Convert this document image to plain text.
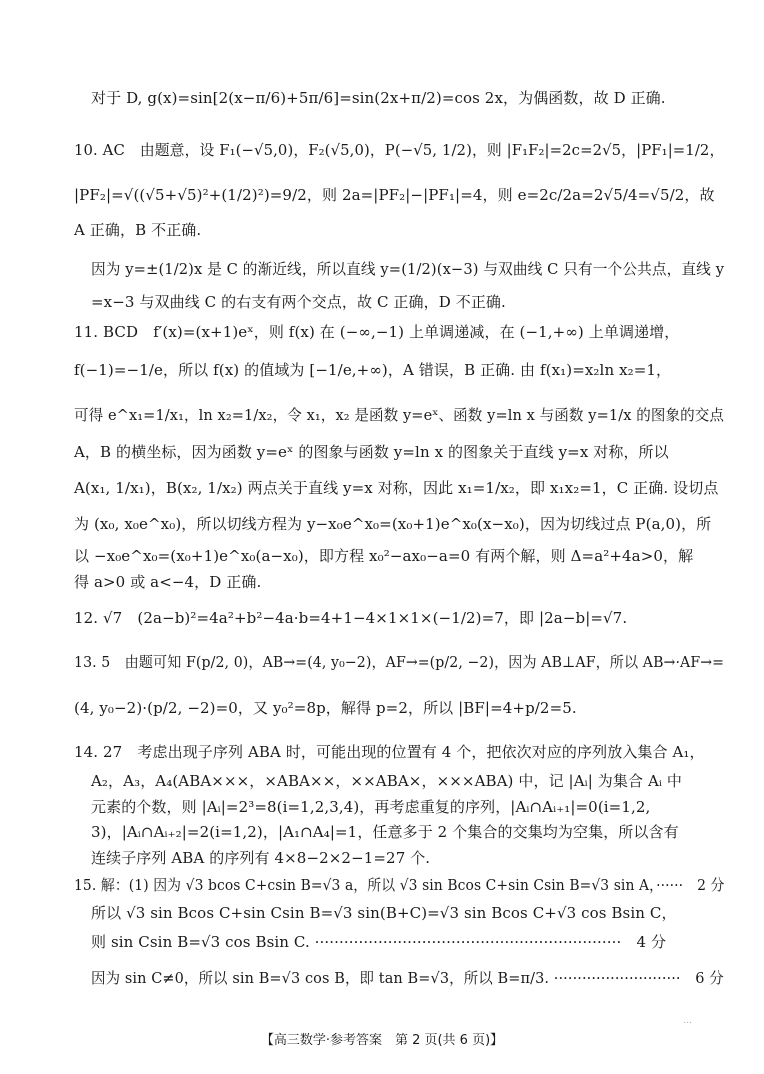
对于 D, g(x)=sin[2(x−π/6)+5π/6]=sin(2x+π/2)=cos 2x，为偶函数，故 D 正确.
10. AC　由题意，设 F₁(−√5,0)，F₂(√5,0)，P(−√5, 1/2)，则 |F₁F₂|=2c=2√5，|PF₁|=1/2，
|PF₂|=√((√5+√5)²+(1/2)²)=9/2，则 2a=|PF₂|−|PF₁|=4，则 e=2c/2a=2√5/4=√5/2，故
A 正确，B 不正确.
因为 y=±(1/2)x 是 C 的渐近线，所以直线 y=(1/2)(x−3) 与双曲线 C 只有一个公共点，直线 y
=x−3 与双曲线 C 的右支有两个交点，故 C 正确，D 不正确.
11. BCD　f′(x)=(x+1)eˣ，则 f(x) 在 (−∞,−1) 上单调递减，在 (−1,+∞) 上单调递增，
f(−1)=−1/e，所以 f(x) 的值域为 [−1/e,+∞)，A 错误，B 正确. 由 f(x₁)=x₂ln x₂=1，
可得 e^x₁=1/x₁，ln x₂=1/x₂，令 x₁，x₂ 是函数 y=eˣ、函数 y=ln x 与函数 y=1/x 的图象的交点
A，B 的横坐标，因为函数 y=eˣ 的图象与函数 y=ln x 的图象关于直线 y=x 对称，所以
A(x₁, 1/x₁)，B(x₂, 1/x₂) 两点关于直线 y=x 对称，因此 x₁=1/x₂，即 x₁x₂=1，C 正确. 设切点
为 (x₀, x₀e^x₀)，所以切线方程为 y−x₀e^x₀=(x₀+1)e^x₀(x−x₀)，因为切线过点 P(a,0)，所
以 −x₀e^x₀=(x₀+1)e^x₀(a−x₀)，即方程 x₀²−ax₀−a=0 有两个解，则 Δ=a²+4a>0，解
得 a>0 或 a<−4，D 正确.
12. √7　(2a−b)²=4a²+b²−4a·b=4+1−4×1×1×(−1/2)=7，即 |2a−b|=√7.
13. 5　由题可知 F(p/2, 0)，AB→=(4, y₀−2)，AF→=(p/2, −2)，因为 AB⊥AF，所以 AB→·AF→=
(4, y₀−2)·(p/2, −2)=0，又 y₀²=8p，解得 p=2，所以 |BF|=4+p/2=5.
14. 27　考虑出现子序列 ABA 时，可能出现的位置有 4 个，把依次对应的序列放入集合 A₁，
A₂，A₃，A₄(ABA×××，×ABA××，××ABA×，×××ABA) 中，记 |Aᵢ| 为集合 Aᵢ 中
元素的个数，则 |Aᵢ|=2³=8(i=1,2,3,4)，再考虑重复的序列，|Aᵢ∩Aᵢ₊₁|=0(i=1,2,
3)，|Aᵢ∩Aᵢ₊₂|=2(i=1,2)，|A₁∩A₄|=1，任意多于 2 个集合的交集均为空集，所以含有
连续子序列 ABA 的序列有 4×8−2×2−1=27 个.
15. 解：(1) 因为 √3 bcos C+csin B=√3 a，所以 √3 sin Bcos C+sin Csin B=√3 sin A，······　2 分
所以 √3 sin Bcos C+sin Csin B=√3 sin(B+C)=√3 sin Bcos C+√3 cos Bsin C，
则 sin Csin B=√3 cos Bsin C. ·······························································　4 分
因为 sin C≠0，所以 sin B=√3 cos B，即 tan B=√3，所以 B=π/3. ···························　6 分
...
【高三数学·参考答案　第 2 页(共 6 页)】
